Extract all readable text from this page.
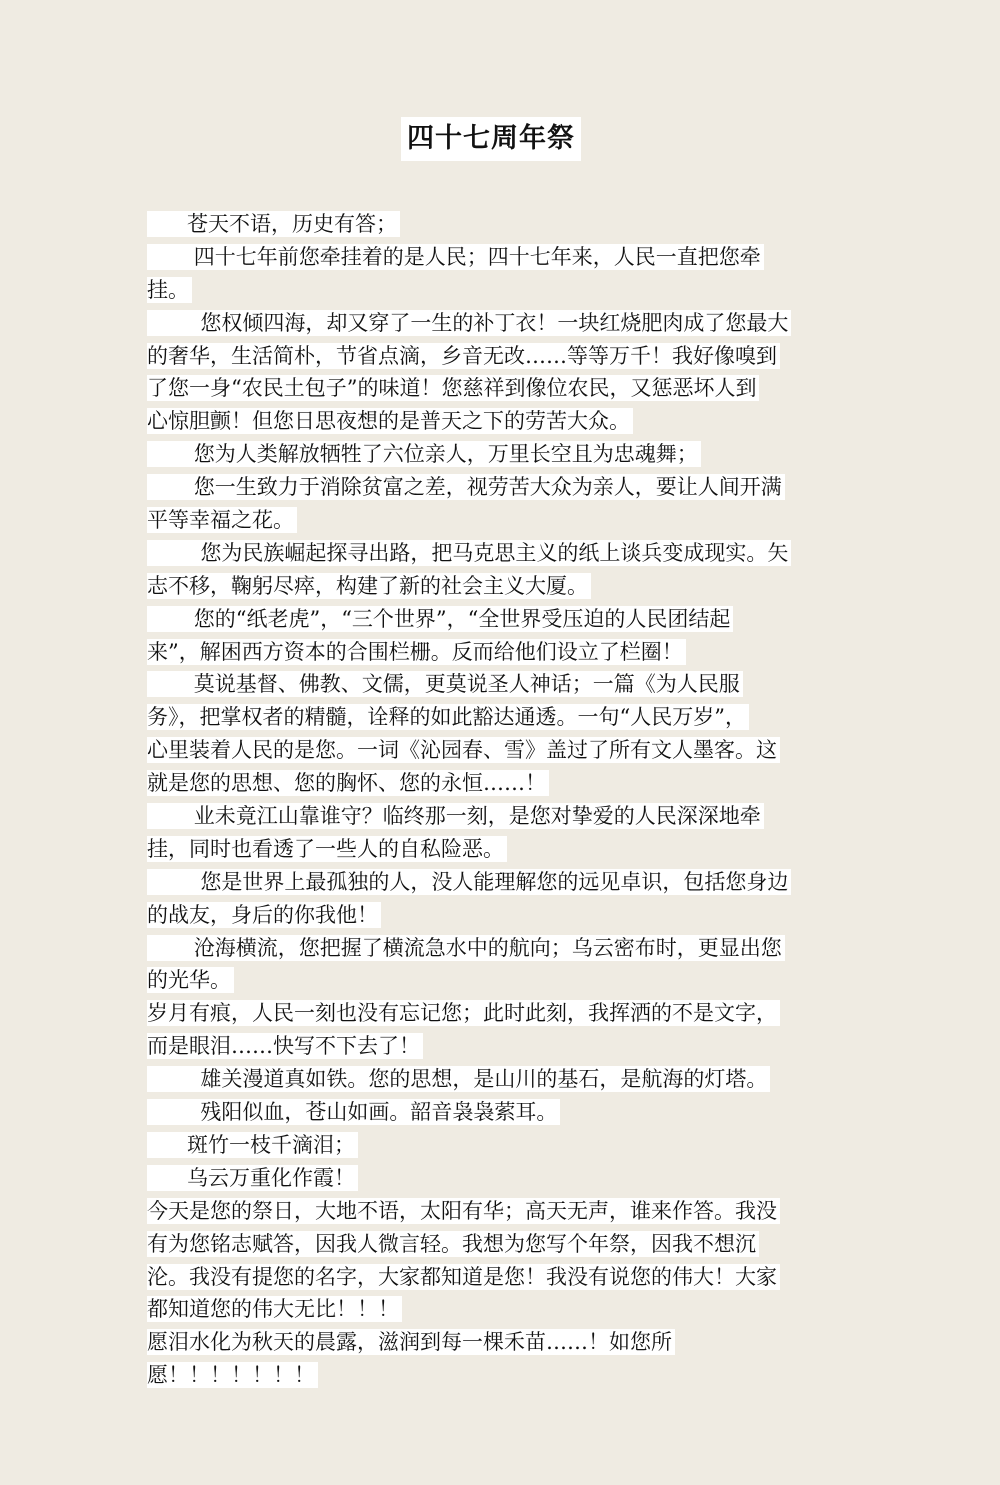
四十七周年祭
苍天不语，历史有答；
四十七年前您牵挂着的是人民；四十七年来，人民一直把您牵
挂。
您权倾四海，却又穿了一生的补丁衣！一块红烧肥肉成了您最大
的奢华，生活简朴，节省点滴，乡音无改……等等万千！我好像嗅到
了您一身“农民土包子”的味道！您慈祥到像位农民，又惩恶坏人到
心惊胆颤！但您日思夜想的是普天之下的劳苦大众。
您为人类解放牺牲了六位亲人，万里长空且为忠魂舞；
您一生致力于消除贫富之差，视劳苦大众为亲人，要让人间开满
平等幸福之花。
您为民族崛起探寻出路，把马克思主义的纸上谈兵变成现实。矢
志不移，鞠躬尽瘁，构建了新的社会主义大厦。
您的“纸老虎”，“三个世界”，“全世界受压迫的人民团结起
来”，解困西方资本的合围栏栅。反而给他们设立了栏圈！
莫说基督、佛教、文儒，更莫说圣人神话；一篇《为人民服
务》，把掌权者的精髓，诠释的如此豁达通透。一句“人民万岁”，
心里装着人民的是您。一词《沁园春、雪》盖过了所有文人墨客。这
就是您的思想、您的胸怀、您的永恒……！
业未竟江山靠谁守？临终那一刻，是您对挚爱的人民深深地牵
挂，同时也看透了一些人的自私险恶。
您是世界上最孤独的人，没人能理解您的远见卓识，包括您身边
的战友，身后的你我他！
沧海横流，您把握了横流急水中的航向；乌云密布时，更显出您
的光华。
岁月有痕，人民一刻也没有忘记您；此时此刻，我挥洒的不是文字，
而是眼泪……快写不下去了！
雄关漫道真如铁。您的思想，是山川的基石，是航海的灯塔。
残阳似血，苍山如画。韶音袅袅萦耳。
斑竹一枝千滴泪；
乌云万重化作霞！
今天是您的祭日，大地不语，太阳有华；高天无声，谁来作答。我没
有为您铭志赋答，因我人微言轻。我想为您写个年祭，因我不想沉
沦。我没有提您的名字，大家都知道是您！我没有说您的伟大！大家
都知道您的伟大无比！！！
愿泪水化为秋天的晨露，滋润到每一棵禾苗……！如您所
愿！！！！！！！
